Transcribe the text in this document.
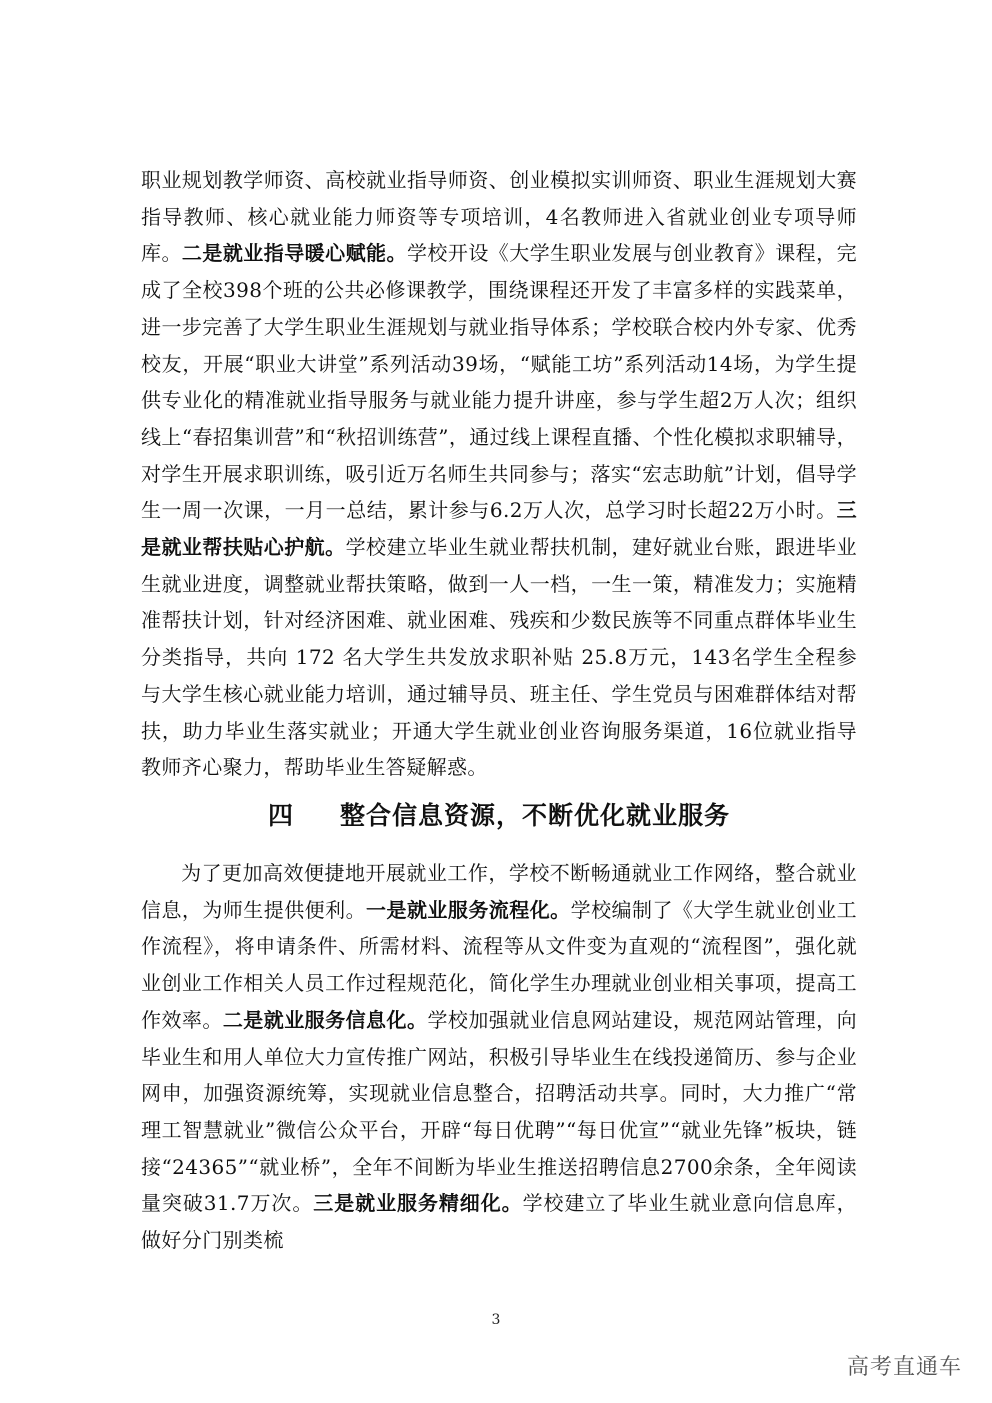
职业规划教学师资、高校就业指导师资、创业模拟实训师资、职业生涯规划大赛指导教师、核心就业能力师资等专项培训，4名教师进入省就业创业专项导师库。二是就业指导暖心赋能。学校开设《大学生职业发展与创业教育》课程，完成了全校398个班的公共必修课教学，围绕课程还开发了丰富多样的实践菜单，进一步完善了大学生职业生涯规划与就业指导体系；学校联合校内外专家、优秀校友，开展“职业大讲堂”系列活动39场，“赋能工坊”系列活动14场，为学生提供专业化的精准就业指导服务与就业能力提升讲座，参与学生超2万人次；组织线上“春招集训营”和“秋招训练营”，通过线上课程直播、个性化模拟求职辅导，对学生开展求职训练，吸引近万名师生共同参与；落实“宏志助航”计划，倡导学生一周一次课，一月一总结，累计参与6.2万人次，总学习时长超22万小时。三是就业帮扶贴心护航。学校建立毕业生就业帮扶机制，建好就业台账，跟进毕业生就业进度，调整就业帮扶策略，做到一人一档，一生一策，精准发力；实施精准帮扶计划，针对经济困难、就业困难、残疾和少数民族等不同重点群体毕业生分类指导，共向 172 名大学生共发放求职补贴 25.8万元，143名学生全程参与大学生核心就业能力培训，通过辅导员、班主任、学生党员与困难群体结对帮扶，助力毕业生落实就业；开通大学生就业创业咨询服务渠道，16位就业指导教师齐心聚力，帮助毕业生答疑解惑。

四 整合信息资源，不断优化就业服务

为了更加高效便捷地开展就业工作，学校不断畅通就业工作网络，整合就业信息，为师生提供便利。一是就业服务流程化。学校编制了《大学生就业创业工作流程》，将申请条件、所需材料、流程等从文件变为直观的“流程图”，强化就业创业工作相关人员工作过程规范化，简化学生办理就业创业相关事项，提高工作效率。二是就业服务信息化。学校加强就业信息网站建设，规范网站管理，向毕业生和用人单位大力宣传推广网站，积极引导毕业生在线投递简历、参与企业网申，加强资源统筹，实现就业信息整合，招聘活动共享。同时，大力推广“常理工智慧就业”微信公众平台，开辟“每日优聘”“每日优宣”“就业先锋”板块，链接“24365”“就业桥”，全年不间断为毕业生推送招聘信息2700余条，全年阅读量突破31.7万次。三是就业服务精细化。学校建立了毕业生就业意向信息库，做好分门别类梳

3
高考直通车
